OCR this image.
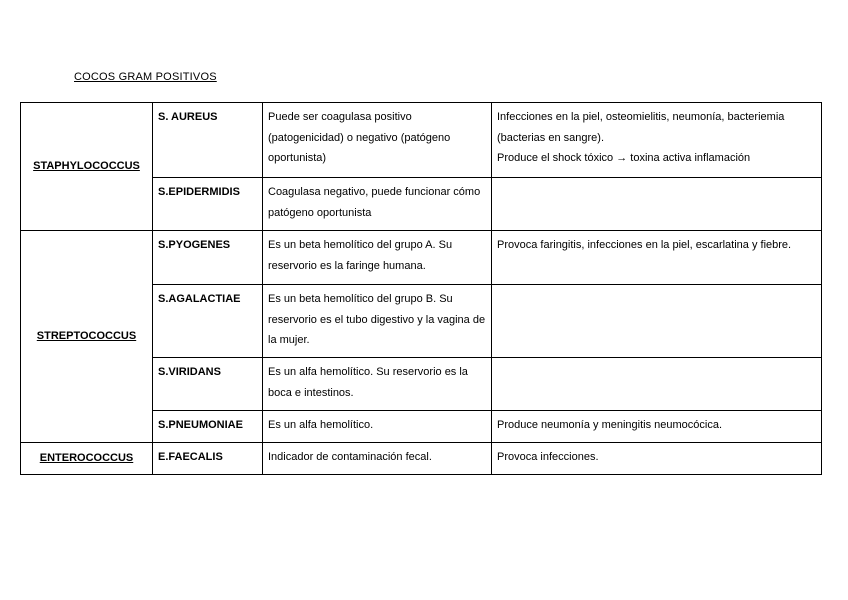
COCOS GRAM POSITIVOS
STAPHYLOCOCCUS	S. AUREUS	Puede ser coagulasa positivo (patogenicidad) o negativo (patógeno oportunista)	Infecciones en la piel, osteomielitis, neumonía, bacteriemia (bacterias en sangre).
Produce el shock tóxico → toxina activa inflamación

	S.EPIDERMIDIS	Coagulasa negativo, puede funcionar cómo patógeno oportunista	
STREPTOCOCCUS	S.PYOGENES	Es un beta hemolítico del grupo A. Su reservorio es la faringe humana.	Provoca faringitis, infecciones en la piel, escarlatina y fiebre.
	S.AGALACTIAE	Es un beta hemolítico del grupo B. Su reservorio es el tubo digestivo y la vagina de la mujer.	
	S.VIRIDANS	Es un alfa hemolítico. Su reservorio es la boca e intestinos.	
	S.PNEUMONIAE	Es un alfa hemolítico.	Produce neumonía y meningitis neumocócica.
ENTEROCOCCUS	E.FAECALIS	Indicador de contaminación fecal.	Provoca infecciones.
